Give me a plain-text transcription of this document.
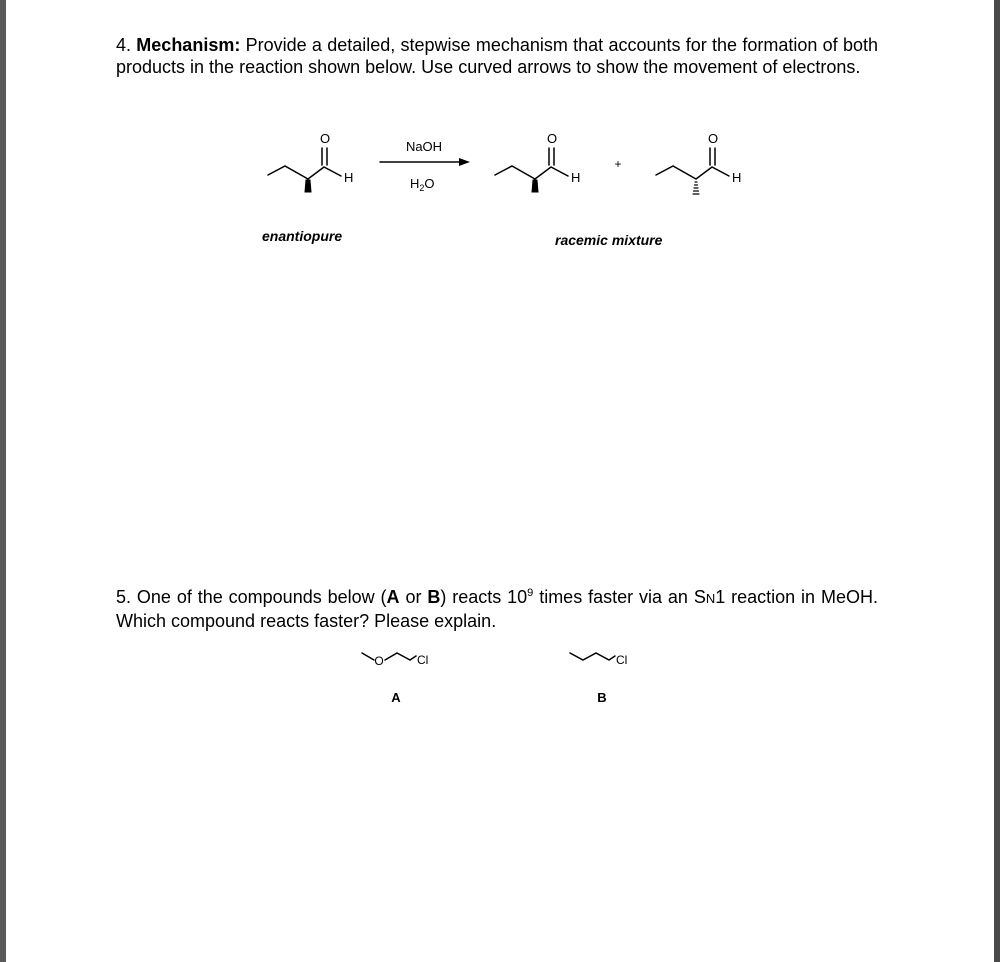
4. Mechanism: Provide a detailed, stepwise mechanism that accounts for the formation of both products in the reaction shown below. Use curved arrows to show the movement of electrons.
5. One of the compounds below (A or B) reacts $10^9$ times faster via an SN1 reaction in MeOH. Which compound reacts faster? Please explain.
O
H
O
H
O
H
NaOH
+
O	Cl	Cl
$H_2O$
enantiopure	racemic mixture
A	B
